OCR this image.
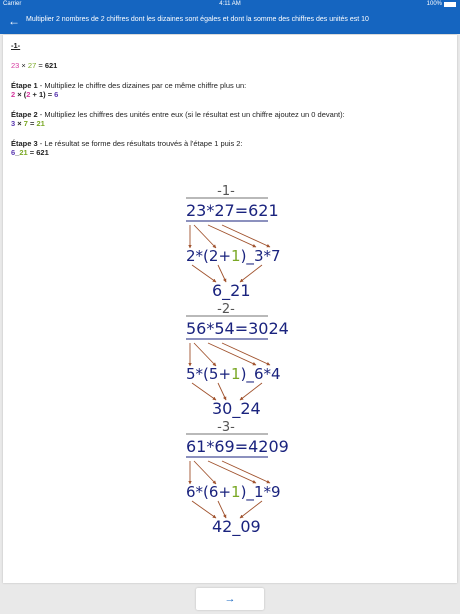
Carrier	4:11 AM	100%
← Multiplier 2 nombres de 2 chiffres dont les dizaines sont égales et dont la somme des chiffres des unités est 10
-1-
23 × 27 = 621
Étape 1 - Multipliez le chiffre des dizaines par ce même chiffre plus un:
2 × (2 + 1) = 6
Étape 2 - Multipliez les chiffres des unités entre eux (si le résultat est un chiffre ajoutez un 0 devant):
3 × 7 = 21
Étape 3 - Le résultat se forme des résultats trouvés à l'étape 1 puis 2:
6_21 = 621
-1-
23*27=621
2*(2+1)_3*7
6_21
-2-
56*54=3024
5*(5+1)_6*4
30_24
-3-
61*69=4209
6*(6+1)_1*9
42_09
→
